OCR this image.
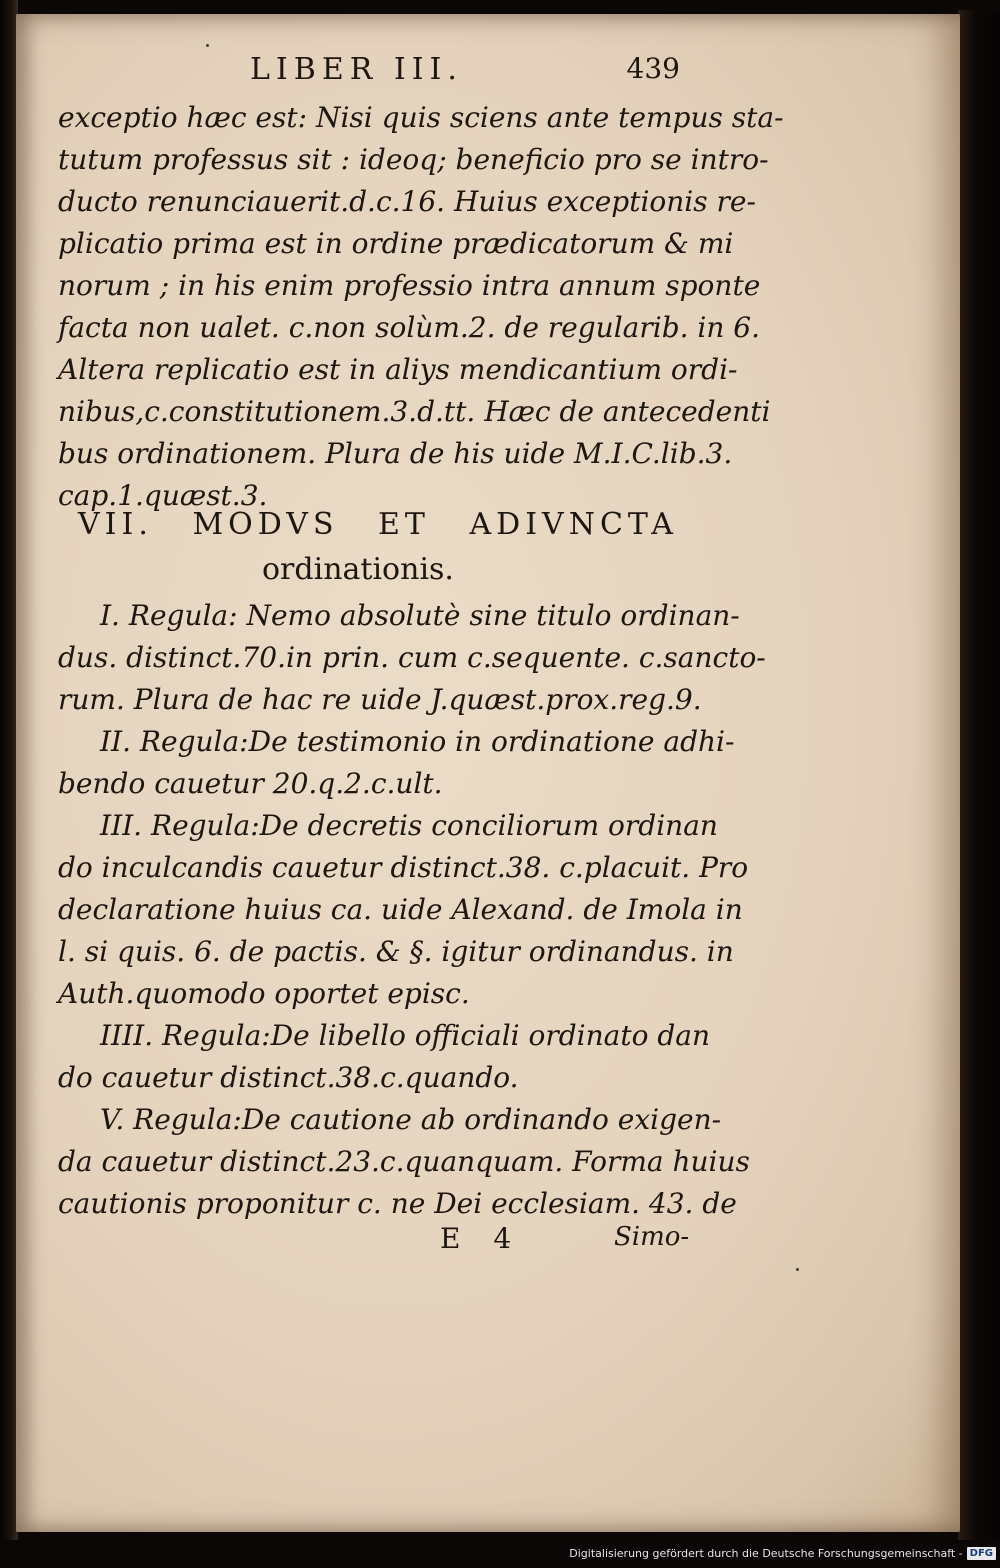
LIBER III.	439
exceptio hæc est: Nisi quis sciens ante tempus sta-
tutum professus sit : ideoq; beneficio pro se intro-
ducto renunciauerit.d.c.16. Huius exceptionis re-
plicatio prima est in ordine prædicatorum & mi
norum ; in his enim professio intra annum sponte
facta non ualet. c.non solùm.2. de regularib. in 6.
Altera replicatio est in aliys mendicantium ordi-
nibus,c.constitutionem.3.d.tt. Hæc de antecedenti
bus ordinationem. Plura de his uide M.I.C.lib.3.
cap.1.quæst.3.
VII. MODVS ET ADIVNCTA
ordinationis.
I. Regula: Nemo absolutè sine titulo ordinan-
dus. distinct.70.in prin. cum c.sequente. c.sancto-
rum. Plura de hac re uide J.quæst.prox.reg.9.
II. Regula:De testimonio in ordinatione adhi-
bendo cauetur 20.q.2.c.ult.
III. Regula:De decretis conciliorum ordinan
do inculcandis cauetur distinct.38. c.placuit. Pro
declaratione huius ca. uide Alexand. de Imola in
l. si quis. 6. de pactis. & §. igitur ordinandus. in
Auth.quomodo oportet episc.
IIII. Regula:De libello officiali ordinato dan
do cauetur distinct.38.c.quando.
V. Regula:De cautione ab ordinando exigen-
da cauetur distinct.23.c.quanquam. Forma huius
cautionis proponitur c. ne Dei ecclesiam. 43. de
E 4	Simo-
Digitalisierung gefördert durch die Deutsche Forschungsgemeinschaft - DFG
